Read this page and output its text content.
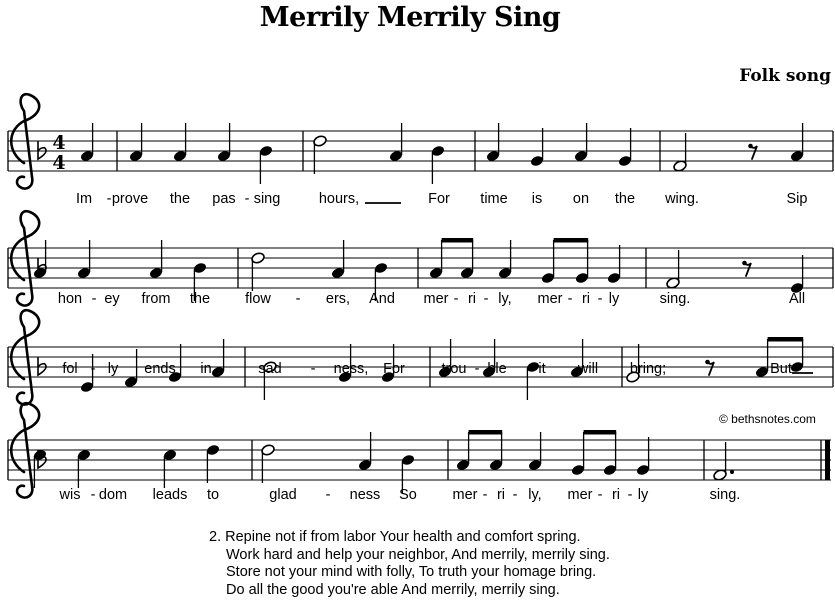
4
4
Im - prove the pas - sing	hours,	For time is on the wing.	Sip
hon - ey from the flow - ers, And mer - ri - ly, mer - ri - ly	sing.	All
fol - ly ends in	sad - ness, For	trou - ble it will bring;	But
wis - dom leads to	glad - ness So mer - ri - ly, mer - ri - ly	sing.
Merrily Merrily Sing
Folk song
© bethsnotes.com
2. Repine not if from labor Your health and comfort spring.
Work hard and help your neighbor, And merrily, merrily sing.
Store not your mind with folly, To truth your homage bring.
Do all the good you're able And merrily, merrily sing.
